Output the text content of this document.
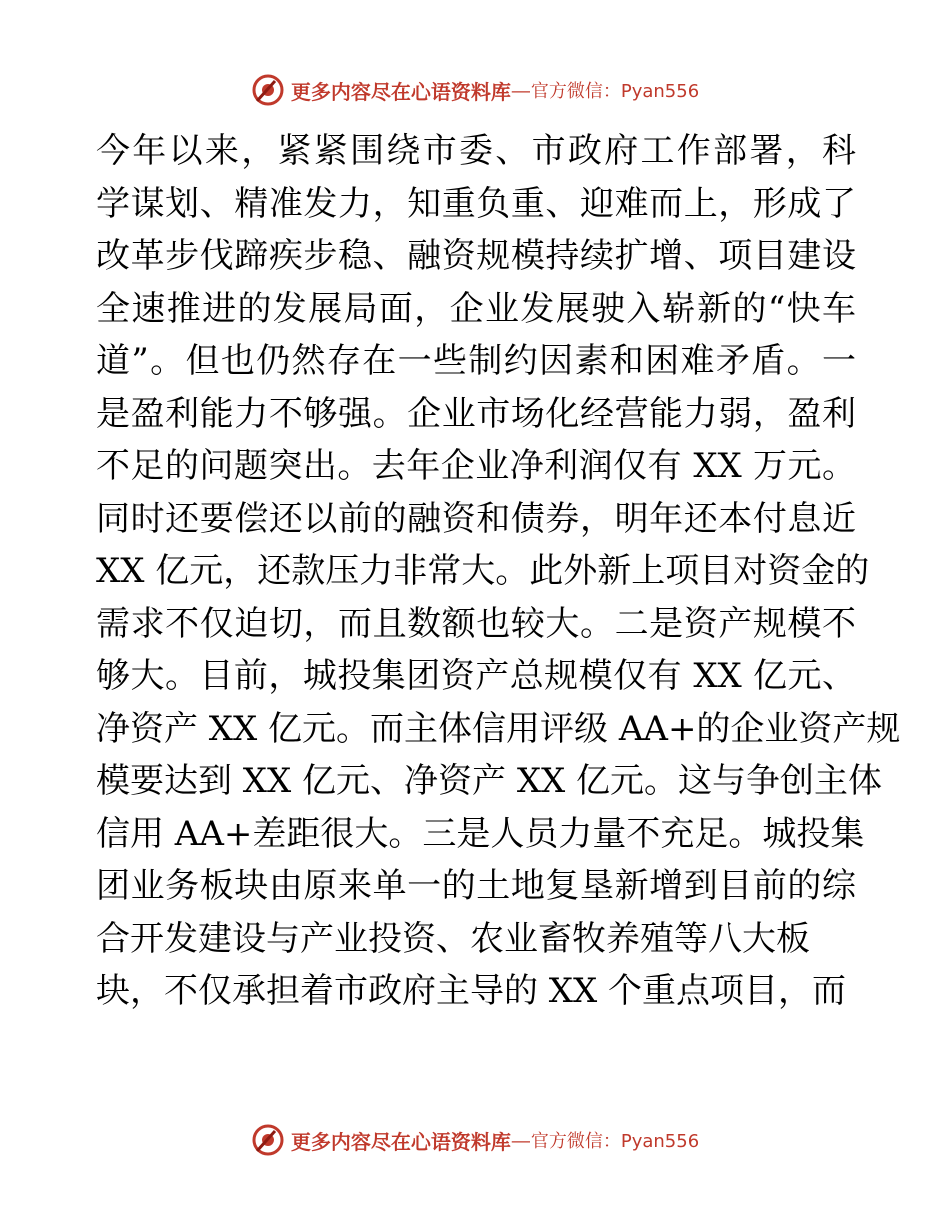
更多内容尽在心语资料库 — 官方微信：Pyan556
今年以来，紧紧围绕市委、市政府工作部署，科
学谋划、精准发力，知重负重、迎难而上，形成了
改革步伐蹄疾步稳、融资规模持续扩增、项目建设
全速推进的发展局面，企业发展驶入崭新的“快车
道”。但也仍然存在一些制约因素和困难矛盾。一
是盈利能力不够强。企业市场化经营能力弱，盈利
不足的问题突出。去年企业净利润仅有 XX 万元。
同时还要偿还以前的融资和债券，明年还本付息近
XX 亿元，还款压力非常大。此外新上项目对资金的
需求不仅迫切，而且数额也较大。二是资产规模不
够大。目前，城投集团资产总规模仅有 XX 亿元、
净资产 XX 亿元。而主体信用评级 AA+的企业资产规
模要达到 XX 亿元、净资产 XX 亿元。这与争创主体
信用 AA+差距很大。三是人员力量不充足。城投集
团业务板块由原来单一的土地复垦新增到目前的综
合开发建设与产业投资、农业畜牧养殖等八大板
块，不仅承担着市政府主导的 XX 个重点项目，而
更多内容尽在心语资料库 — 官方微信：Pyan556
